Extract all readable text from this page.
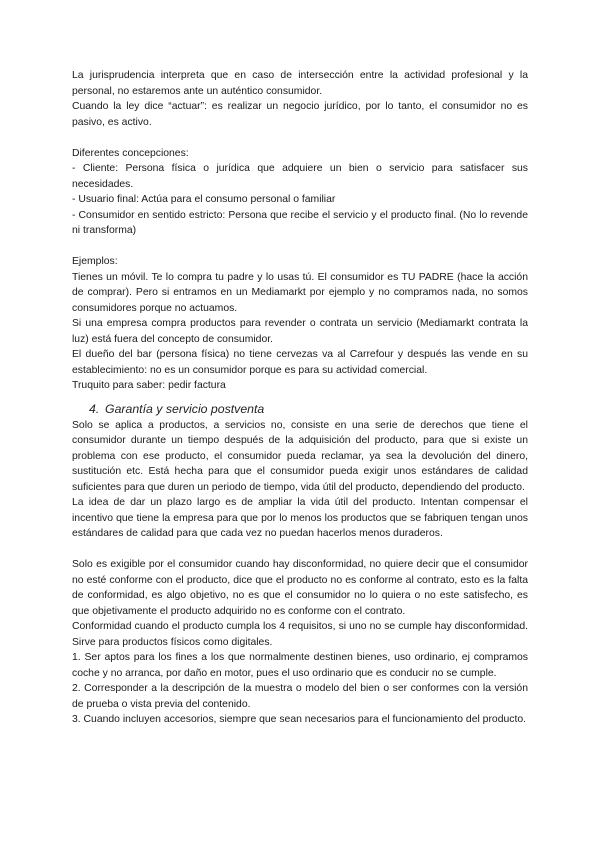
La jurisprudencia interpreta que en caso de intersección entre la actividad profesional y la personal, no estaremos ante un auténtico consumidor.

Cuando la ley dice “actuar”: es realizar un negocio jurídico, por lo tanto, el consumidor no es pasivo, es activo.

Diferentes concepciones:

- Cliente: Persona física o jurídica que adquiere un bien o servicio para satisfacer sus necesidades.

- Usuario final: Actúa para el consumo personal o familiar

- Consumidor en sentido estricto: Persona que recibe el servicio y el producto final. (No lo revende ni transforma)

Ejemplos:

Tienes un móvil. Te lo compra tu padre y lo usas tú. El consumidor es TU PADRE (hace la acción de comprar). Pero si entramos en un Mediamarkt por ejemplo y no compramos nada, no somos consumidores porque no actuamos.

Si una empresa compra productos para revender o contrata un servicio (Mediamarkt contrata la luz) está fuera del concepto de consumidor.

El dueño del bar (persona física) no tiene cervezas va al Carrefour y después las vende en su establecimiento: no es un consumidor porque es para su actividad comercial.

Truquito para saber: pedir factura

4. Garantía y servicio postventa

Solo se aplica a productos, a servicios no, consiste en una serie de derechos que tiene el consumidor durante un tiempo después de la adquisición del producto, para que si existe un problema con ese producto, el consumidor pueda reclamar, ya sea la devolución del dinero, sustitución etc. Está hecha para que el consumidor pueda exigir unos estándares de calidad suficientes para que duren un periodo de tiempo, vida útil del producto, dependiendo del producto.

La idea de dar un plazo largo es de ampliar la vida útil del producto. Intentan compensar el incentivo que tiene la empresa para que por lo menos los productos que se fabriquen tengan unos estándares de calidad para que cada vez no puedan hacerlos menos duraderos.

Solo es exigible por el consumidor cuando hay disconformidad, no quiere decir que el consumidor no esté conforme con el producto, dice que el producto no es conforme al contrato, esto es la falta de conformidad, es algo objetivo, no es que el consumidor no lo quiera o no este satisfecho, es que objetivamente el producto adquirido no es conforme con el contrato.

Conformidad cuando el producto cumpla los 4 requisitos, si uno no se cumple hay disconformidad. Sirve para productos físicos como digitales.

1. Ser aptos para los fines a los que normalmente destinen bienes, uso ordinario, ej compramos coche y no arranca, por daño en motor, pues el uso ordinario que es conducir no se cumple.

2. Corresponder a la descripción de la muestra o modelo del bien o ser conformes con la versión de prueba o vista previa del contenido.

3. Cuando incluyen accesorios, siempre que sean necesarios para el funcionamiento del producto.
